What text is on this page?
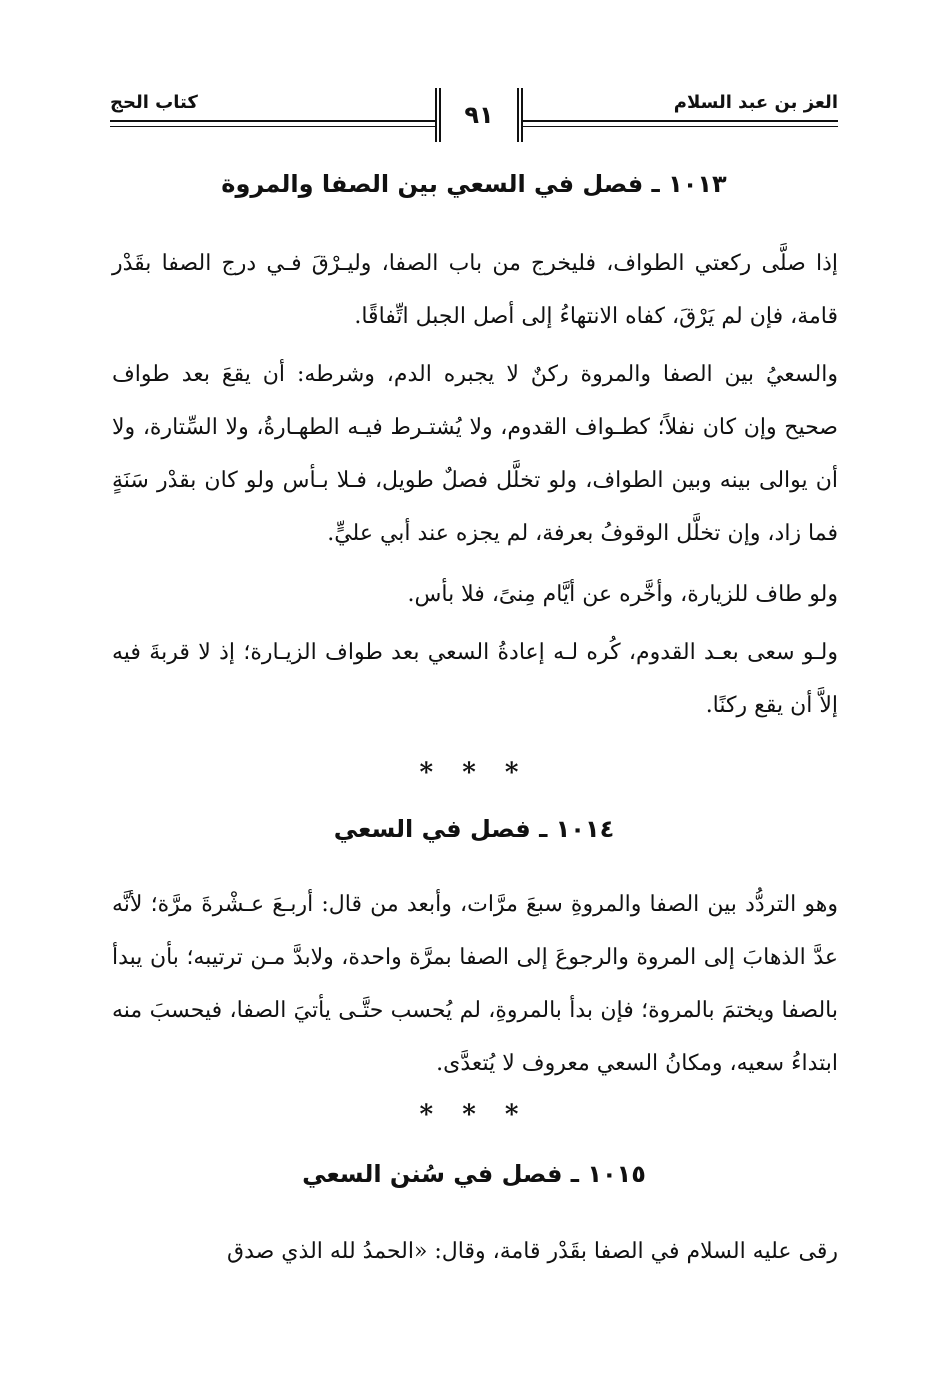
العز بن عبد السلام
كتاب الحج	٩١
١٠١٣ ـ فصل في السعي بين الصفا والمروة

إذا صلَّى ركعتي الطواف، فليخرج من باب الصفا، وليـرْقَ فـي درج الصفا بقَدْر قامة، فإن لم يَرْقَ، كفاه الانتهاءُ إلى أصل الجبل اتِّفاقًا.

والسعيُ بين الصفا والمروة ركنٌ لا يجبره الدم، وشرطه: أن يقعَ بعد طواف صحيح وإن كان نفلاً؛ كطـواف القدوم، ولا يُشتـرط فيـه الطهـارةُ، ولا السِّتارة، ولا أن يوالى بينه وبين الطواف، ولو تخلَّل فصلٌ طويل، فـلا بـأس ولو كان بقدْر سَنَةٍ فما زاد، وإن تخلَّل الوقوفُ بعرفة، لم يجزه عند أبي عليٍّ.

ولو طاف للزيارة، وأخَّره عن أيَّام مِنىً، فلا بأس.

ولـو سعى بعـد القدوم، كُره لـه إعادةُ السعي بعد طواف الزيـارة؛ إذ لا قربةَ فيه إلاَّ أن يقع ركنًا.

* * *
١٠١٤ ـ فصل في السعي

وهو التردُّد بين الصفا والمروةِ سبعَ مرَّات، وأبعد من قال: أربـعَ عـشْرةَ مرَّة؛ لأنَّه عدَّ الذهابَ إلى المروة والرجوعَ إلى الصفا بمرَّة واحدة، ولابدَّ مـن ترتيبه؛ بأن يبدأ بالصفا ويختمَ بالمروة؛ فإن بدأ بالمروةِ، لم يُحسب حتَّـى يأتيَ الصفا، فيحسبَ منه ابتداءُ سعيه، ومكانُ السعي معروف لا يُتعدَّى.

* * *
١٠١٥ ـ فصل في سُنن السعي

رقى عليه السلام في الصفا بقَدْر قامة، وقال: «الحمدُ لله الذي صدق
